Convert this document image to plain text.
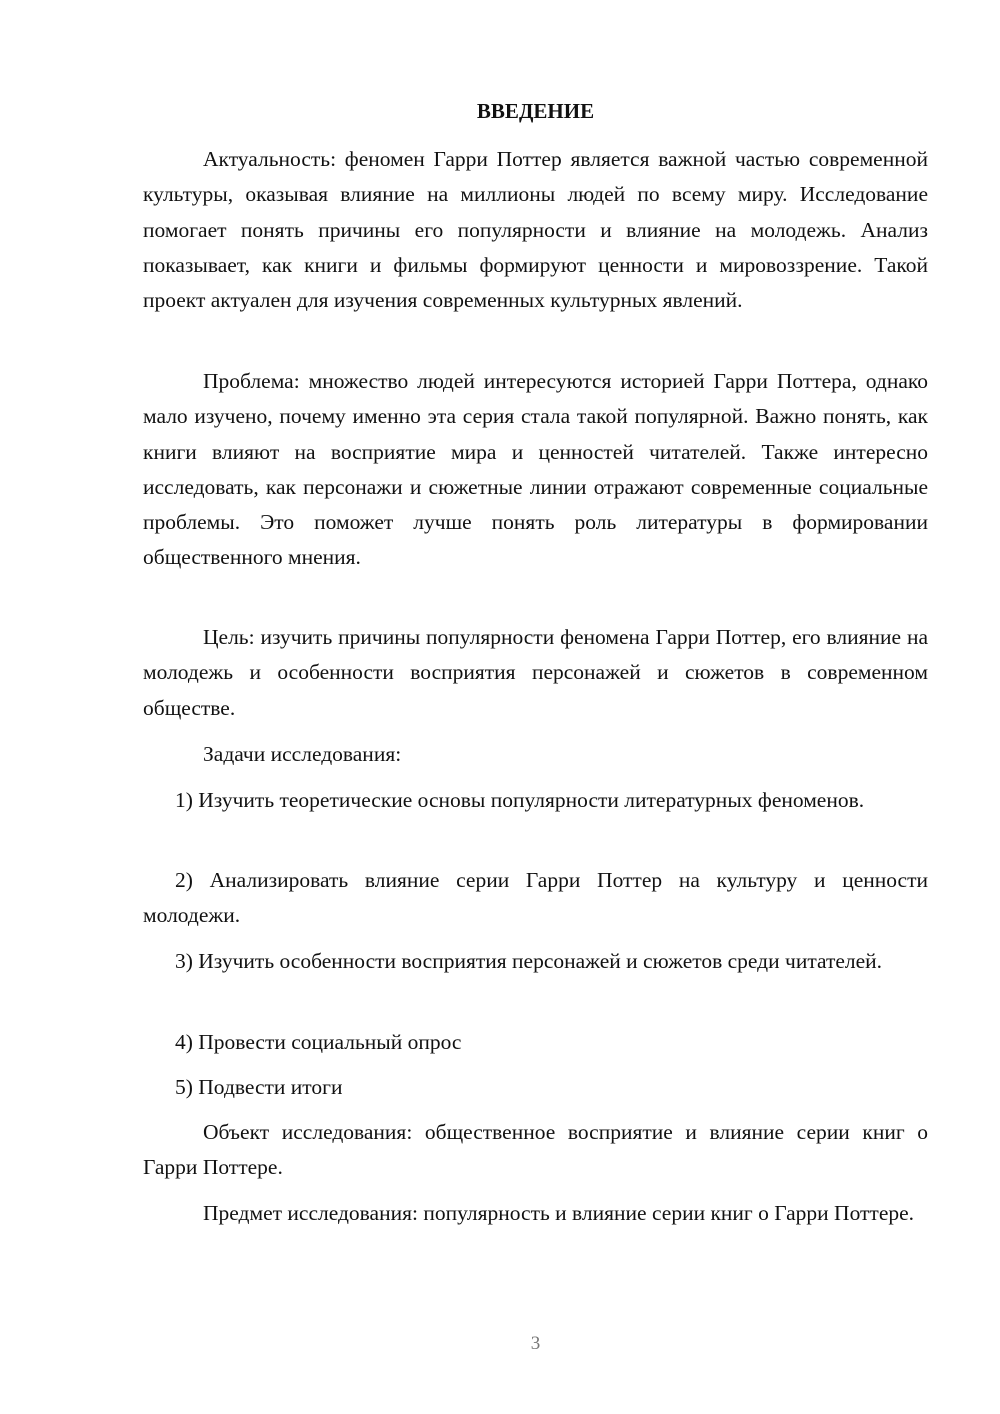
ВВЕДЕНИЕ

Актуальность: феномен Гарри Поттер является важной частью современной культуры, оказывая влияние на миллионы людей по всему миру. Исследование помогает понять причины его популярности и влияние на молодежь. Анализ показывает, как книги и фильмы формируют ценности и мировоззрение. Такой проект актуален для изучения современных культурных явлений.

Проблема: множество людей интересуются историей Гарри Поттера, однако мало изучено, почему именно эта серия стала такой популярной. Важно понять, как книги влияют на восприятие мира и ценностей читателей. Также интересно исследовать, как персонажи и сюжетные линии отражают современные социальные проблемы. Это поможет лучше понять роль литературы в формировании общественного мнения.

Цель: изучить причины популярности феномена Гарри Поттер, его влияние на молодежь и особенности восприятия персонажей и сюжетов в современном обществе.

Задачи исследования:

1) Изучить теоретические основы популярности литературных феноменов.

2) Анализировать влияние серии Гарри Поттер на культуру и ценности молодежи.

3) Изучить особенности восприятия персонажей и сюжетов среди читателей.

4) Провести социальный опрос

5) Подвести итоги

Объект исследования: общественное восприятие и влияние серии книг о Гарри Поттере.

Предмет исследования: популярность и влияние серии книг о Гарри Поттере.

3
